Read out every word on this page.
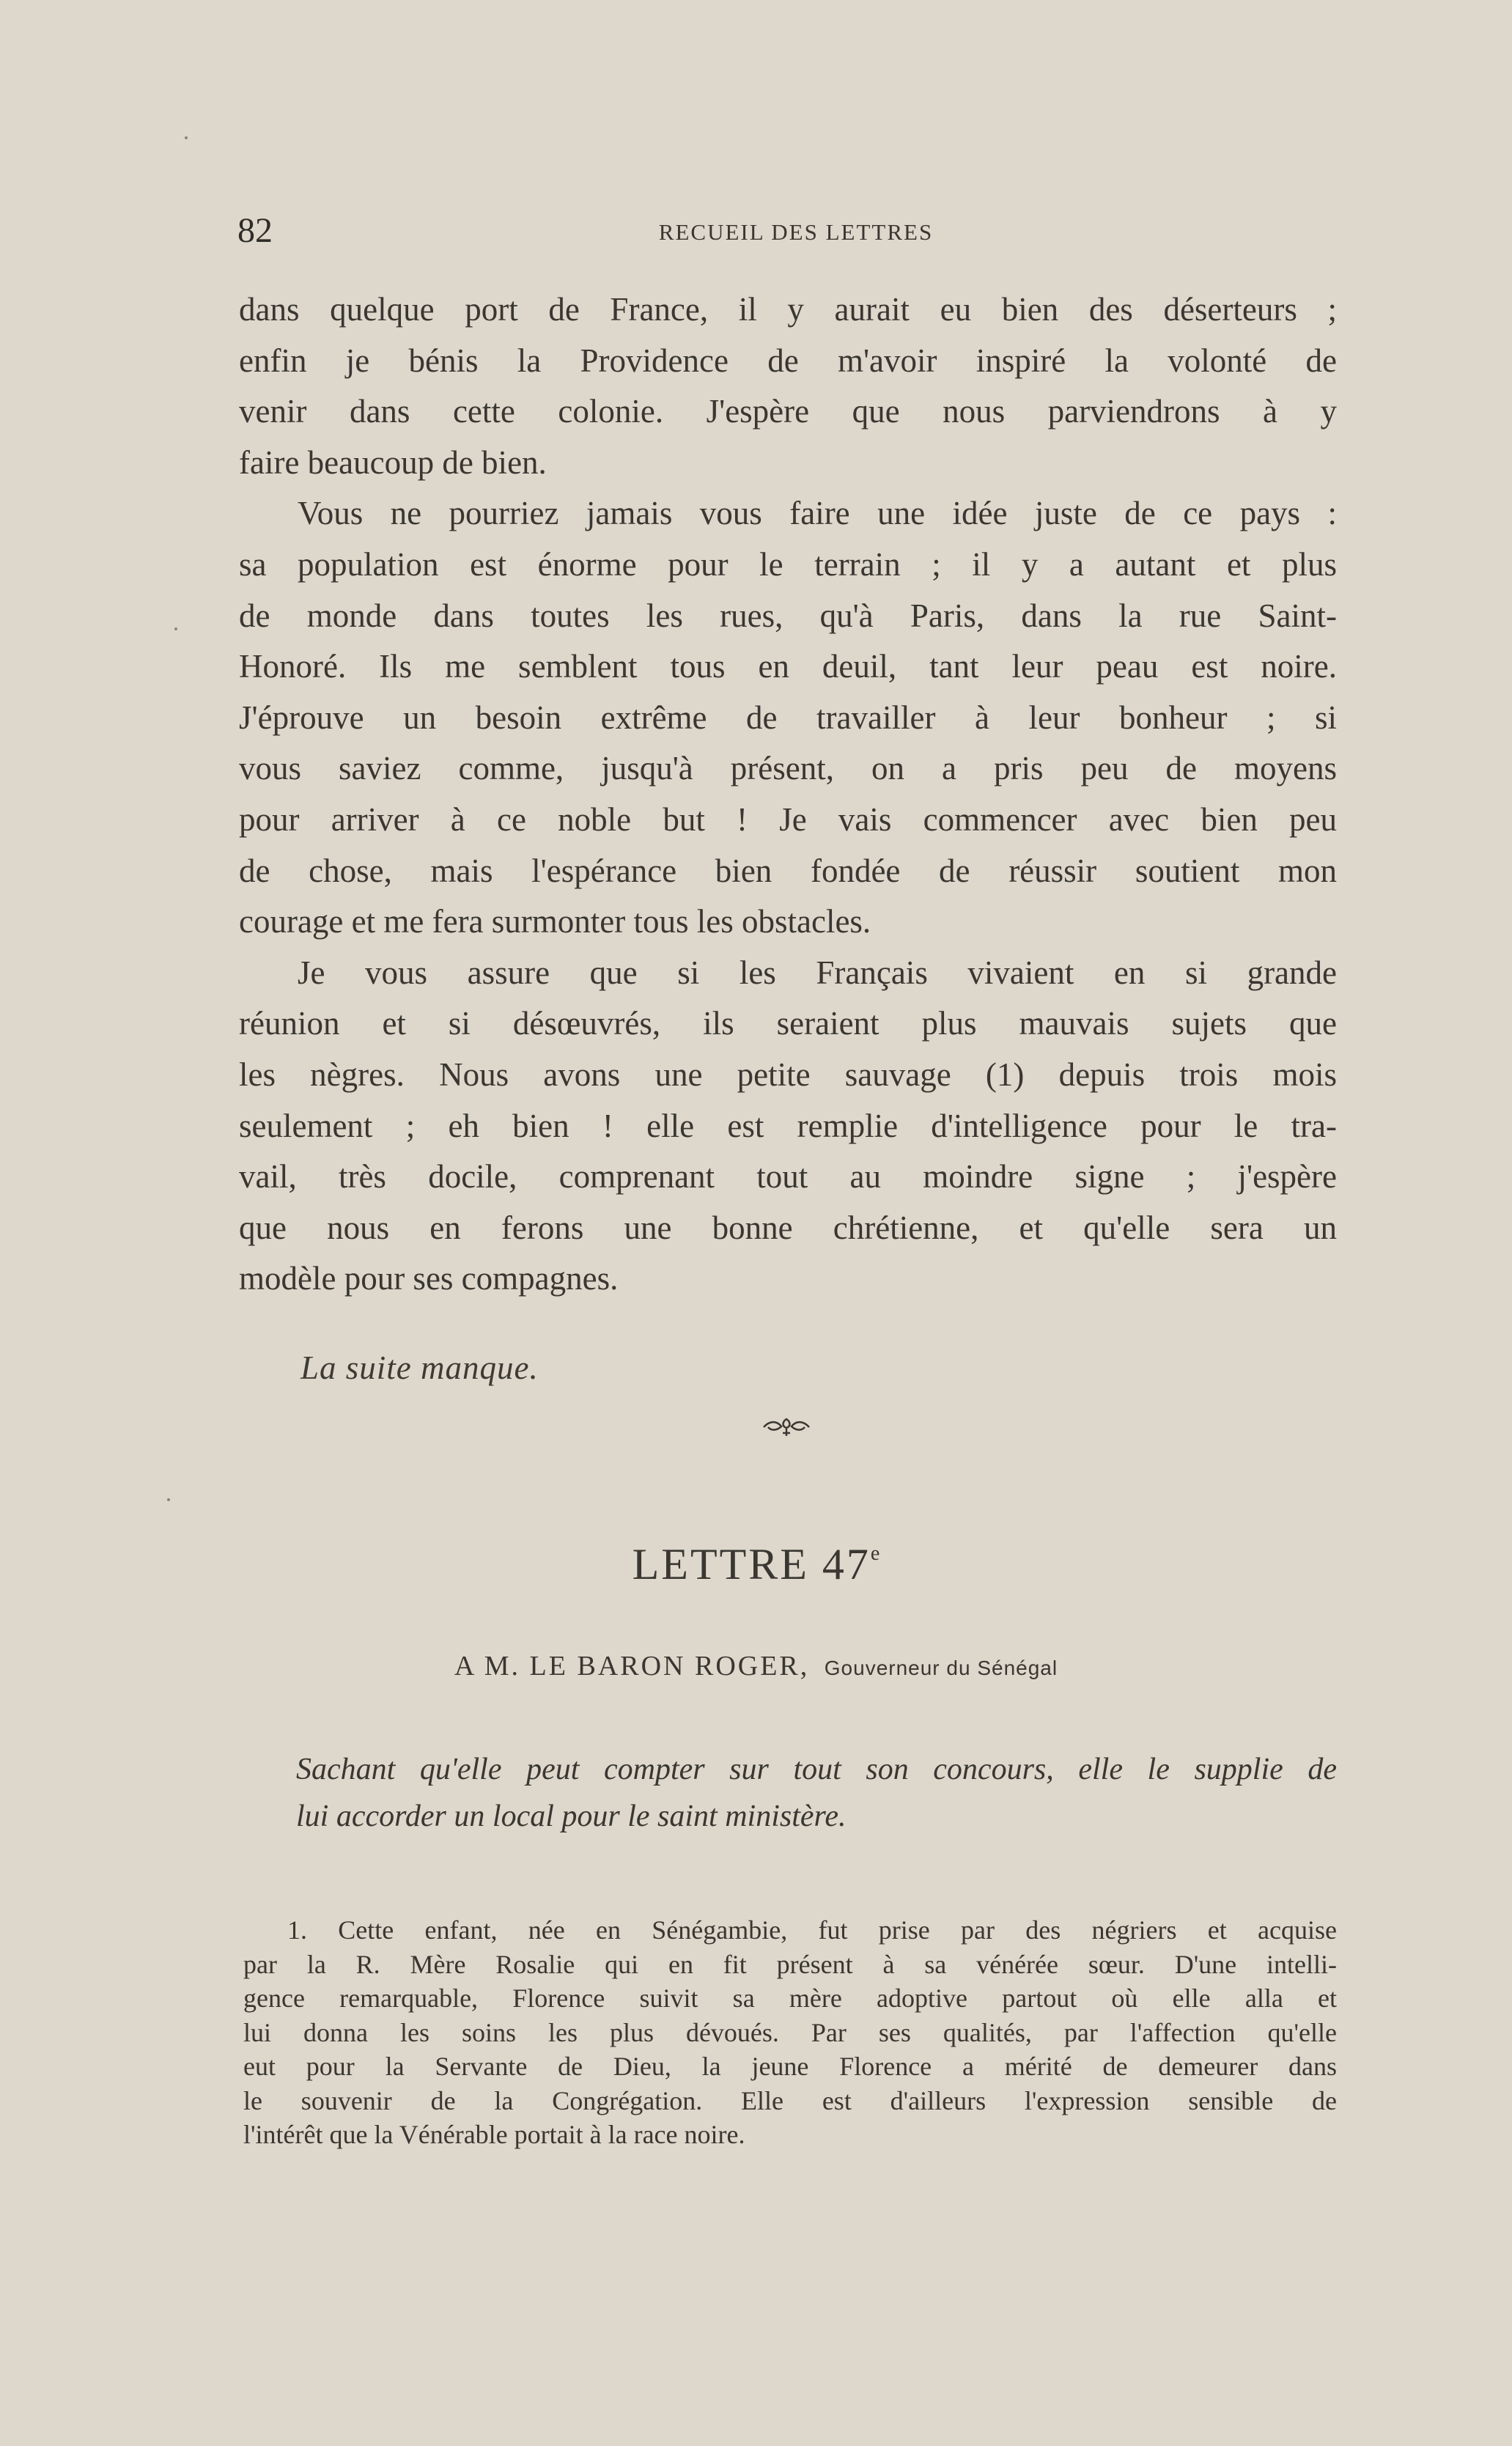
82	RECUEIL DES LETTRES
dans quelque port de France, il y aurait eu bien des déserteurs ;
enfin je bénis la Providence de m'avoir inspiré la volonté de
venir dans cette colonie. J'espère que nous parviendrons à y
faire beaucoup de bien.
Vous ne pourriez jamais vous faire une idée juste de ce pays :
sa population est énorme pour le terrain ; il y a autant et plus
de monde dans toutes les rues, qu'à Paris, dans la rue Saint-
Honoré. Ils me semblent tous en deuil, tant leur peau est noire.
J'éprouve un besoin extrême de travailler à leur bonheur ; si
vous saviez comme, jusqu'à présent, on a pris peu de moyens
pour arriver à ce noble but ! Je vais commencer avec bien peu
de chose, mais l'espérance bien fondée de réussir soutient mon
courage et me fera surmonter tous les obstacles.
Je vous assure que si les Français vivaient en si grande
réunion et si désœuvrés, ils seraient plus mauvais sujets que
les nègres. Nous avons une petite sauvage (1) depuis trois mois
seulement ; eh bien ! elle est remplie d'intelligence pour le tra-
vail, très docile, comprenant tout au moindre signe ; j'espère
que nous en ferons une bonne chrétienne, et qu'elle sera un
modèle pour ses compagnes.
La suite manque.
LETTRE 47e
A M. LE BARON ROGER, Gouverneur du Sénégal
Sachant qu'elle peut compter sur tout son concours, elle le supplie de
lui accorder un local pour le saint ministère.
1. Cette enfant, née en Sénégambie, fut prise par des négriers et acquise
par la R. Mère Rosalie qui en fit présent à sa vénérée sœur. D'une intelli-
gence remarquable, Florence suivit sa mère adoptive partout où elle alla et
lui donna les soins les plus dévoués. Par ses qualités, par l'affection qu'elle
eut pour la Servante de Dieu, la jeune Florence a mérité de demeurer dans
le souvenir de la Congrégation. Elle est d'ailleurs l'expression sensible de
l'intérêt que la Vénérable portait à la race noire.
